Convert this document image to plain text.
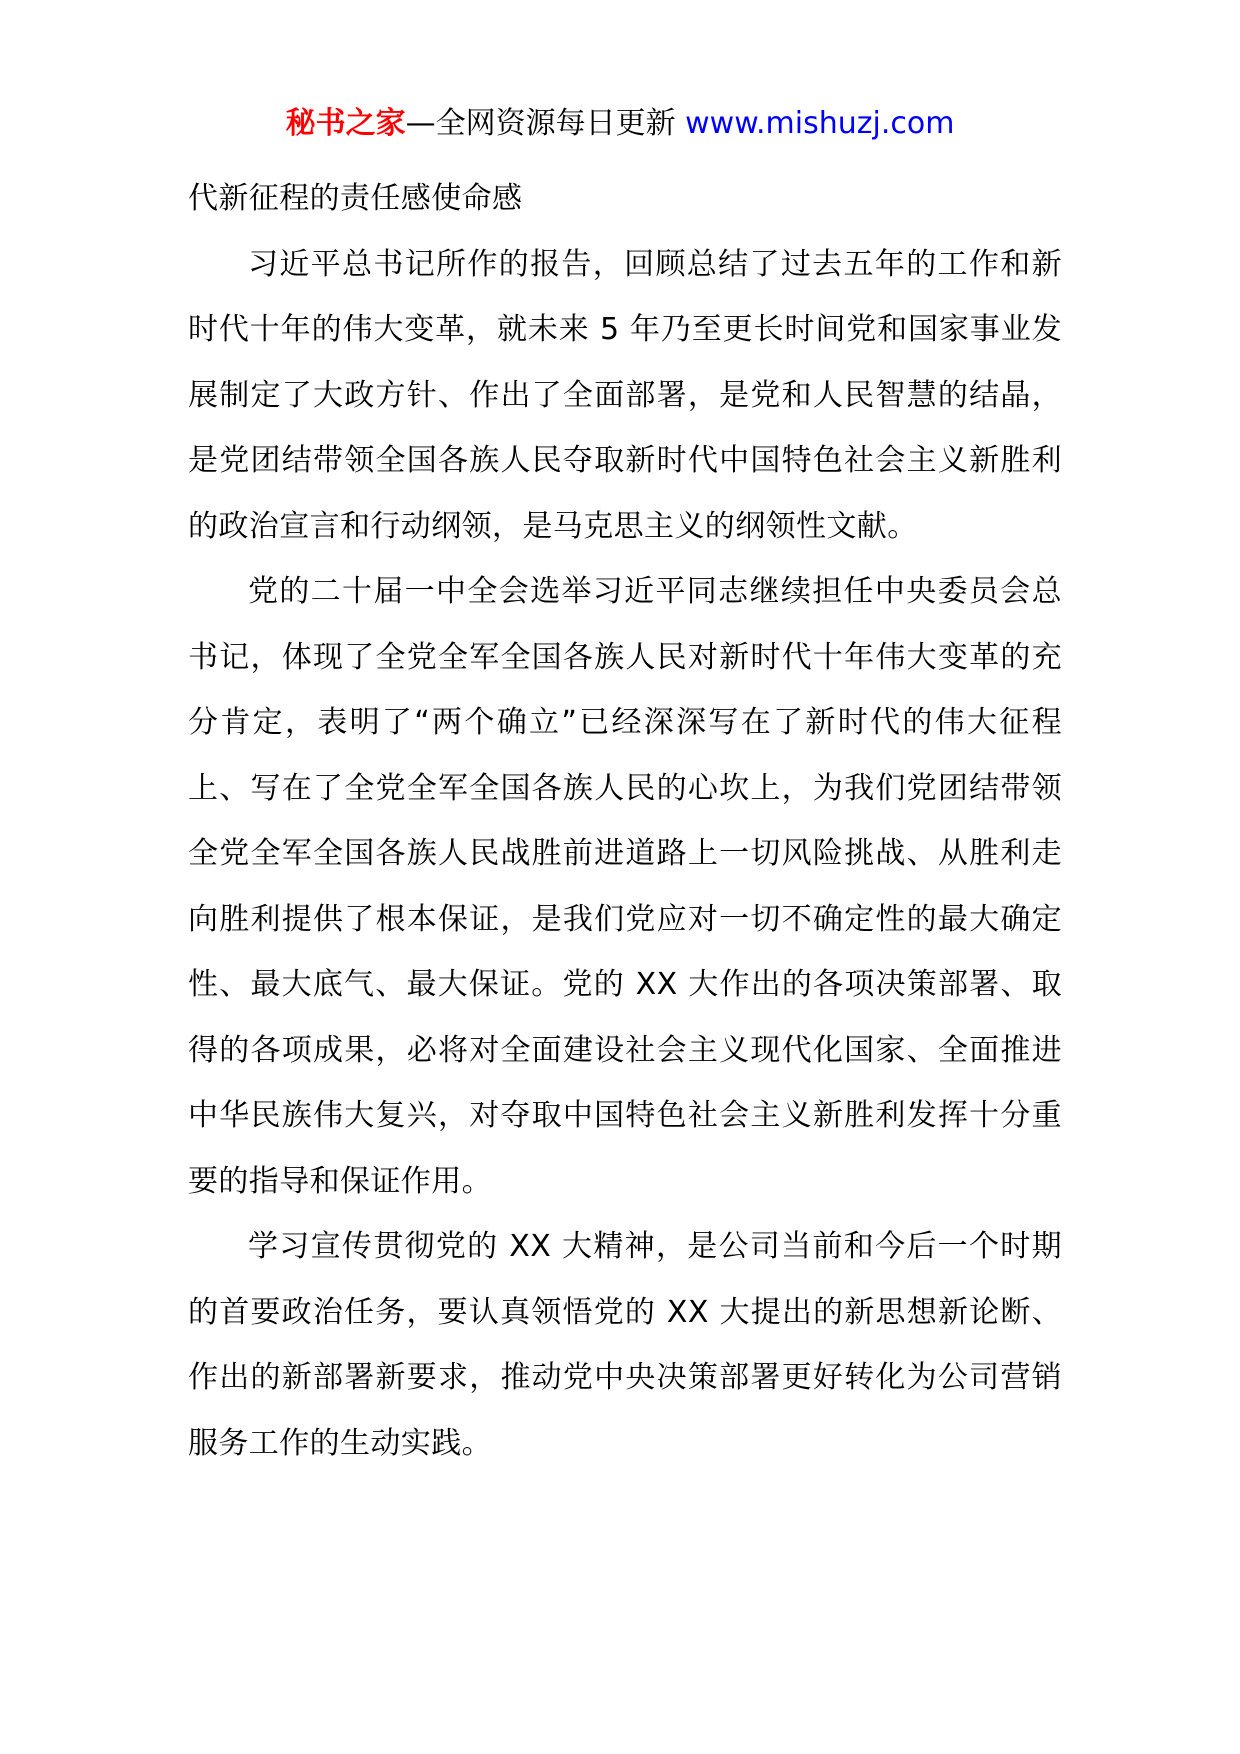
秘书之家—全网资源每日更新 www.mishuzj.com

代新征程的责任感使命感

习近平总书记所作的报告，回顾总结了过去五年的工作和新时代十年的伟大变革，就未来 5 年乃至更长时间党和国家事业发展制定了大政方针、作出了全面部署，是党和人民智慧的结晶，是党团结带领全国各族人民夺取新时代中国特色社会主义新胜利的政治宣言和行动纲领，是马克思主义的纲领性文献。

党的二十届一中全会选举习近平同志继续担任中央委员会总书记，体现了全党全军全国各族人民对新时代十年伟大变革的充分肯定，表明了“两个确立”已经深深写在了新时代的伟大征程上、写在了全党全军全国各族人民的心坎上，为我们党团结带领全党全军全国各族人民战胜前进道路上一切风险挑战、从胜利走向胜利提供了根本保证，是我们党应对一切不确定性的最大确定性、最大底气、最大保证。党的 XX 大作出的各项决策部署、取得的各项成果，必将对全面建设社会主义现代化国家、全面推进中华民族伟大复兴，对夺取中国特色社会主义新胜利发挥十分重要的指导和保证作用。

学习宣传贯彻党的 XX 大精神，是公司当前和今后一个时期的首要政治任务，要认真领悟党的 XX 大提出的新思想新论断、作出的新部署新要求，推动党中央决策部署更好转化为公司营销服务工作的生动实践。
